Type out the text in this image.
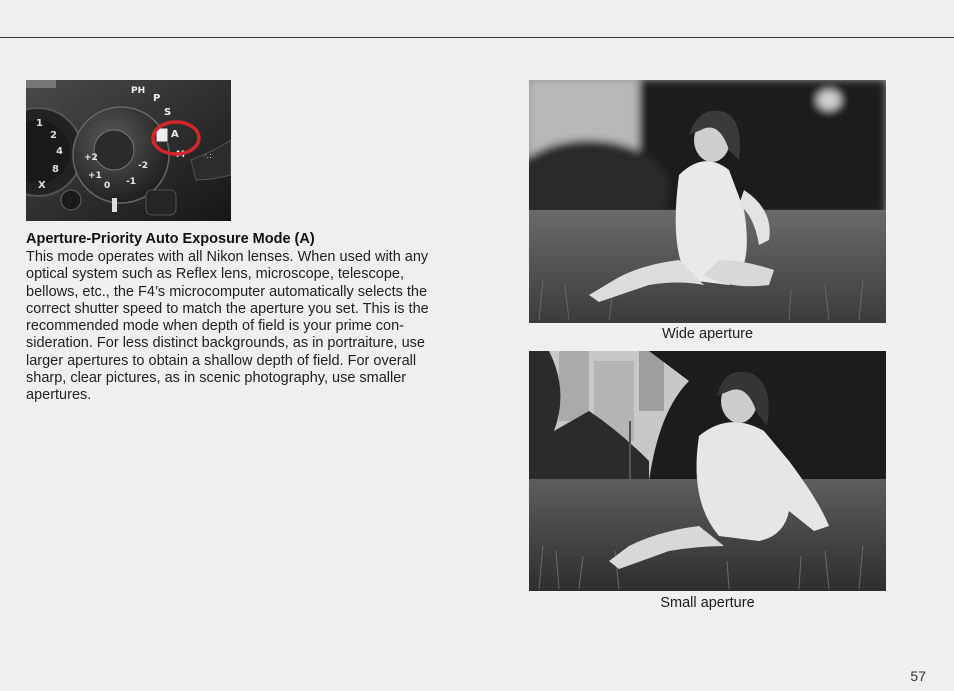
1
2
4
8
X
+2
+1
0 -1
-2
PH
P
S
A
M ·.:
Aperture-Priority Auto Exposure Mode (A)
This mode operates with all Nikon lenses. When used with any
optical system such as Reflex lens, microscope, telescope,
bellows, etc., the F4’s microcomputer automatically selects the
correct shutter speed to match the aperture you set. This is the
recommended mode when depth of field is your prime con-
sideration. For less distinct backgrounds, as in portraiture, use
larger apertures to obtain a shallow depth of field. For overall
sharp, clear pictures, as in scenic photography, use smaller
apertures.
Wide aperture
Small aperture
57
